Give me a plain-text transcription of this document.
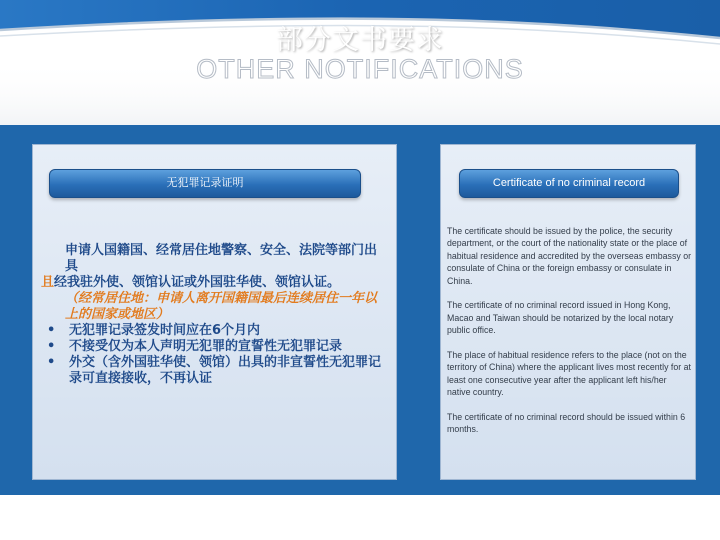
部分文书要求
OTHER NOTIFICATIONS
无犯罪记录证明

申请人国籍国、经常居住地警察、安全、法院等部门出具

且经我驻外使、领馆认证或外国驻华使、领馆认证。

（经常居住地：申请人离开国籍国最后连续居住一年以上的国家或地区）

•	无犯罪记录签发时间应在6个月内
•	不接受仅为本人声明无犯罪的宣誓性无犯罪记录
•	外交（含外国驻华使、领馆）出具的非宣誓性无犯罪记录可直接接收，不再认证
Certificate of no criminal record

The certificate should be issued by the police, the security department, or the court of the nationality state or the place of habitual residence and accredited by the overseas embassy or consulate of China or the foreign embassy or consulate in China.

The certificate of no criminal record issued in Hong Kong, Macao and Taiwan should be notarized by the local notary public office.

The place of habitual residence refers to the place (not on the territory of China) where the applicant lives most recently for at least one consecutive year after the applicant left his/her native country.

The certificate of no criminal record should be issued within 6 months.
